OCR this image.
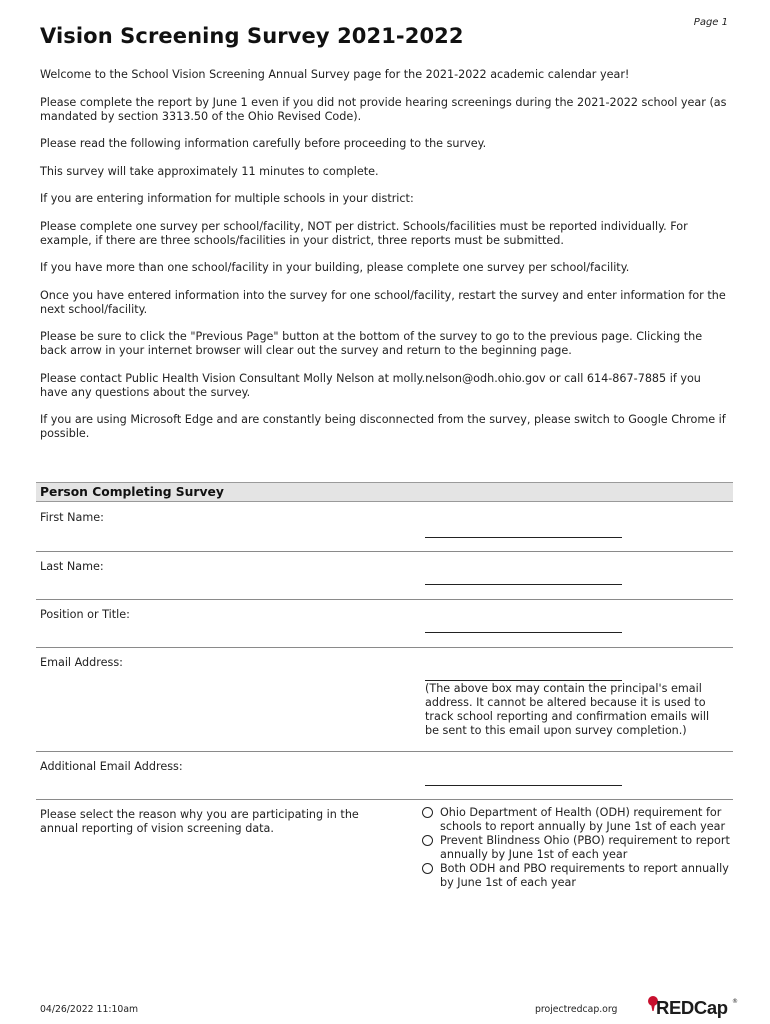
Page 1
Vision Screening Survey 2021-2022

Welcome to the School Vision Screening Annual Survey page for the 2021-2022 academic calendar year!

Please complete the report by June 1 even if you did not provide hearing screenings during the 2021-2022 school year (as mandated by section 3313.50 of the Ohio Revised Code).

Please read the following information carefully before proceeding to the survey.

This survey will take approximately 11 minutes to complete.

If you are entering information for multiple schools in your district:

Please complete one survey per school/facility, NOT per district. Schools/facilities must be reported individually. For example, if there are three schools/facilities in your district, three reports must be submitted.

If you have more than one school/facility in your building, please complete one survey per school/facility.

Once you have entered information into the survey for one school/facility, restart the survey and enter information for the next school/facility.

Please be sure to click the "Previous Page" button at the bottom of the survey to go to the previous page. Clicking the back arrow in your internet browser will clear out the survey and return to the beginning page.

Please contact Public Health Vision Consultant Molly Nelson at molly.nelson@odh.ohio.gov or call 614-867-7885 if you have any questions about the survey.

If you are using Microsoft Edge and are constantly being disconnected from the survey, please switch to Google Chrome if possible.

Person Completing Survey
First Name:
Last Name:
Position or Title:
Email Address:
(The above box may contain the principal's email address. It cannot be altered because it is used to track school reporting and confirmation emails will be sent to this email upon survey completion.)
Additional Email Address:
Please select the reason why you are participating in the annual reporting of vision screening data.
Ohio Department of Health (ODH) requirement for schools to report annually by June 1st of each year
Prevent Blindness Ohio (PBO) requirement to report annually by June 1st of each year
Both ODH and PBO requirements to report annually by June 1st of each year
04/26/2022 11:10am	projectredcap.org REDCap ®
